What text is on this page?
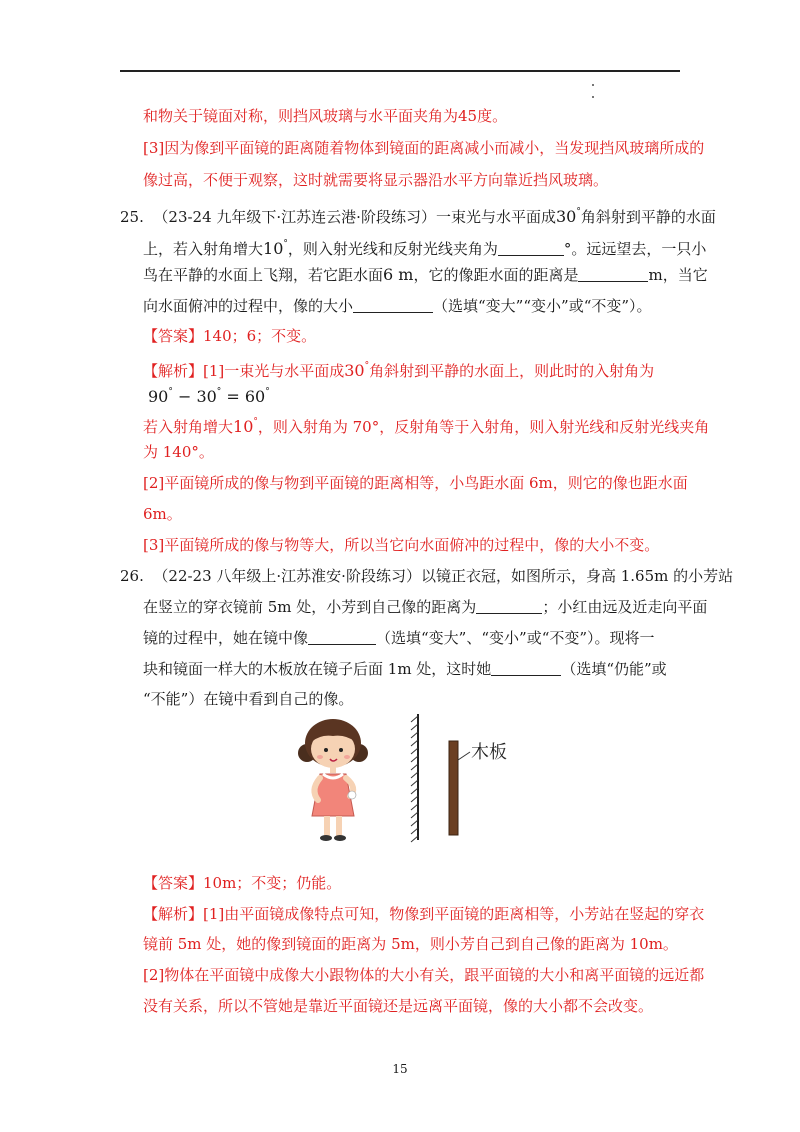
和物关于镜面对称，则挡风玻璃与水平面夹角为45度。
[3]因为像到平面镜的距离随着物体到镜面的距离减小而减小，当发现挡风玻璃所成的
像过高，不便于观察，这时就需要将显示器沿水平方向靠近挡风玻璃。
25. （23-24 九年级下·江苏连云港·阶段练习）一束光与水平面成30°角斜射到平静的水面
上，若入射角增大10°，则入射光线和反射光线夹角为	°。远远望去，一只小
鸟在平静的水面上飞翔，若它距水面6 m，它的像距水面的距离是	m，当它
向水面俯冲的过程中，像的大小	（选填“变大”“变小”或“不变”）。
【答案】140；6；不变。
【解析】[1]一束光与水平面成30°角斜射到平静的水面上，则此时的入射角为
90° − 30° = 60°
若入射角增大10°，则入射角为 70°，反射角等于入射角，则入射光线和反射光线夹角
为 140°。
[2]平面镜所成的像与物到平面镜的距离相等，小鸟距水面 6m，则它的像也距水面
6m。
[3]平面镜所成的像与物等大，所以当它向水面俯冲的过程中，像的大小不变。
26. （22-23 八年级上·江苏淮安·阶段练习）以镜正衣冠，如图所示，身高 1.65m 的小芳站
在竖立的穿衣镜前 5m 处，小芳到自己像的距离为	；小红由远及近走向平面
镜的过程中，她在镜中像	（选填“变大”、“变小”或“不变”）。现将一
块和镜面一样大的木板放在镜子后面 1m 处，这时她	（选填“仍能”或
“不能”）在镜中看到自己的像。
木板
【答案】10m；不变；仍能。
【解析】[1]由平面镜成像特点可知，物像到平面镜的距离相等，小芳站在竖起的穿衣
镜前 5m 处，她的像到镜面的距离为 5m，则小芳自己到自己像的距离为 10m。
[2]物体在平面镜中成像大小跟物体的大小有关，跟平面镜的大小和离平面镜的远近都
没有关系，所以不管她是靠近平面镜还是远离平面镜，像的大小都不会改变。
15
